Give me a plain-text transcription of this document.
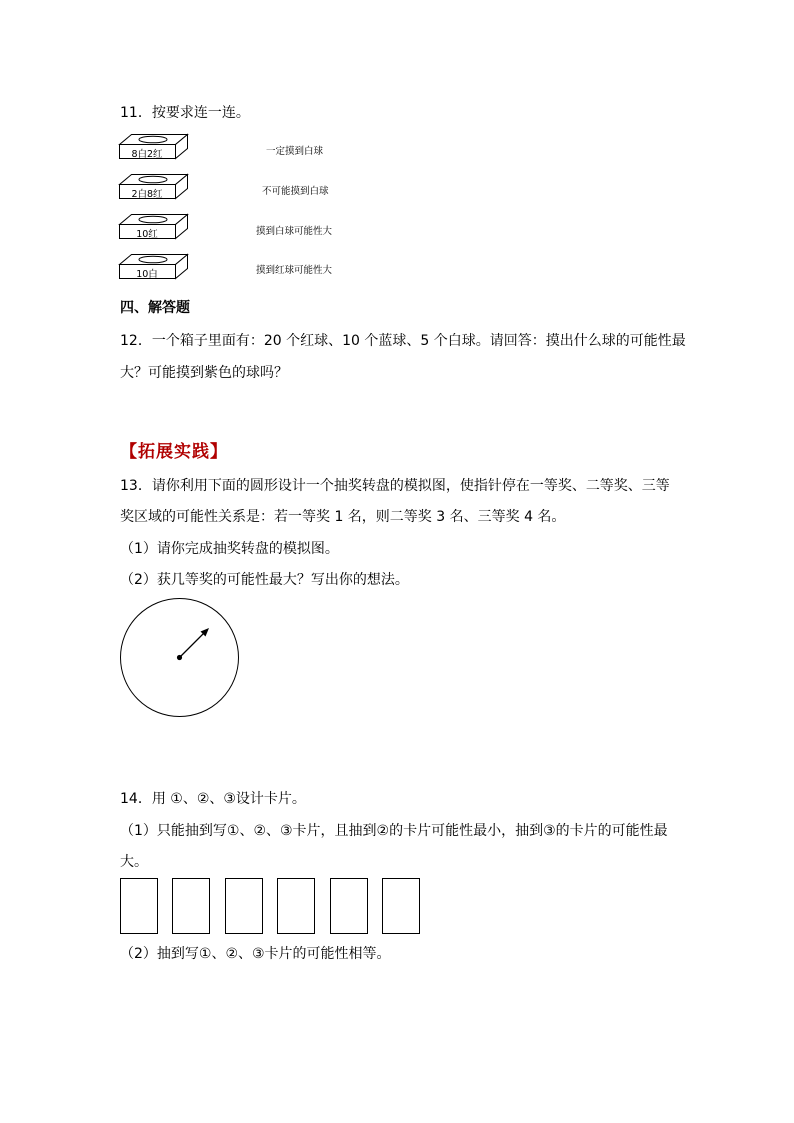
11．按要求连一连。
8白2红
2白8红
10红
10白
一定摸到白球
不可能摸到白球
摸到白球可能性大
摸到红球可能性大
四、解答题
12．一个箱子里面有：20 个红球、10 个蓝球、5 个白球。请回答：摸出什么球的可能性最
大？可能摸到紫色的球吗？
【拓展实践】
13．请你利用下面的圆形设计一个抽奖转盘的模拟图，使指针停在一等奖、二等奖、三等
奖区域的可能性关系是：若一等奖 1 名，则二等奖 3 名、三等奖 4 名。
（1）请你完成抽奖转盘的模拟图。
（2）获几等奖的可能性最大？写出你的想法。
14．用 ①、②、③设计卡片。
（1）只能抽到写①、②、③卡片，且抽到②的卡片可能性最小，抽到③的卡片的可能性最
大。
（2）抽到写①、②、③卡片的可能性相等。
